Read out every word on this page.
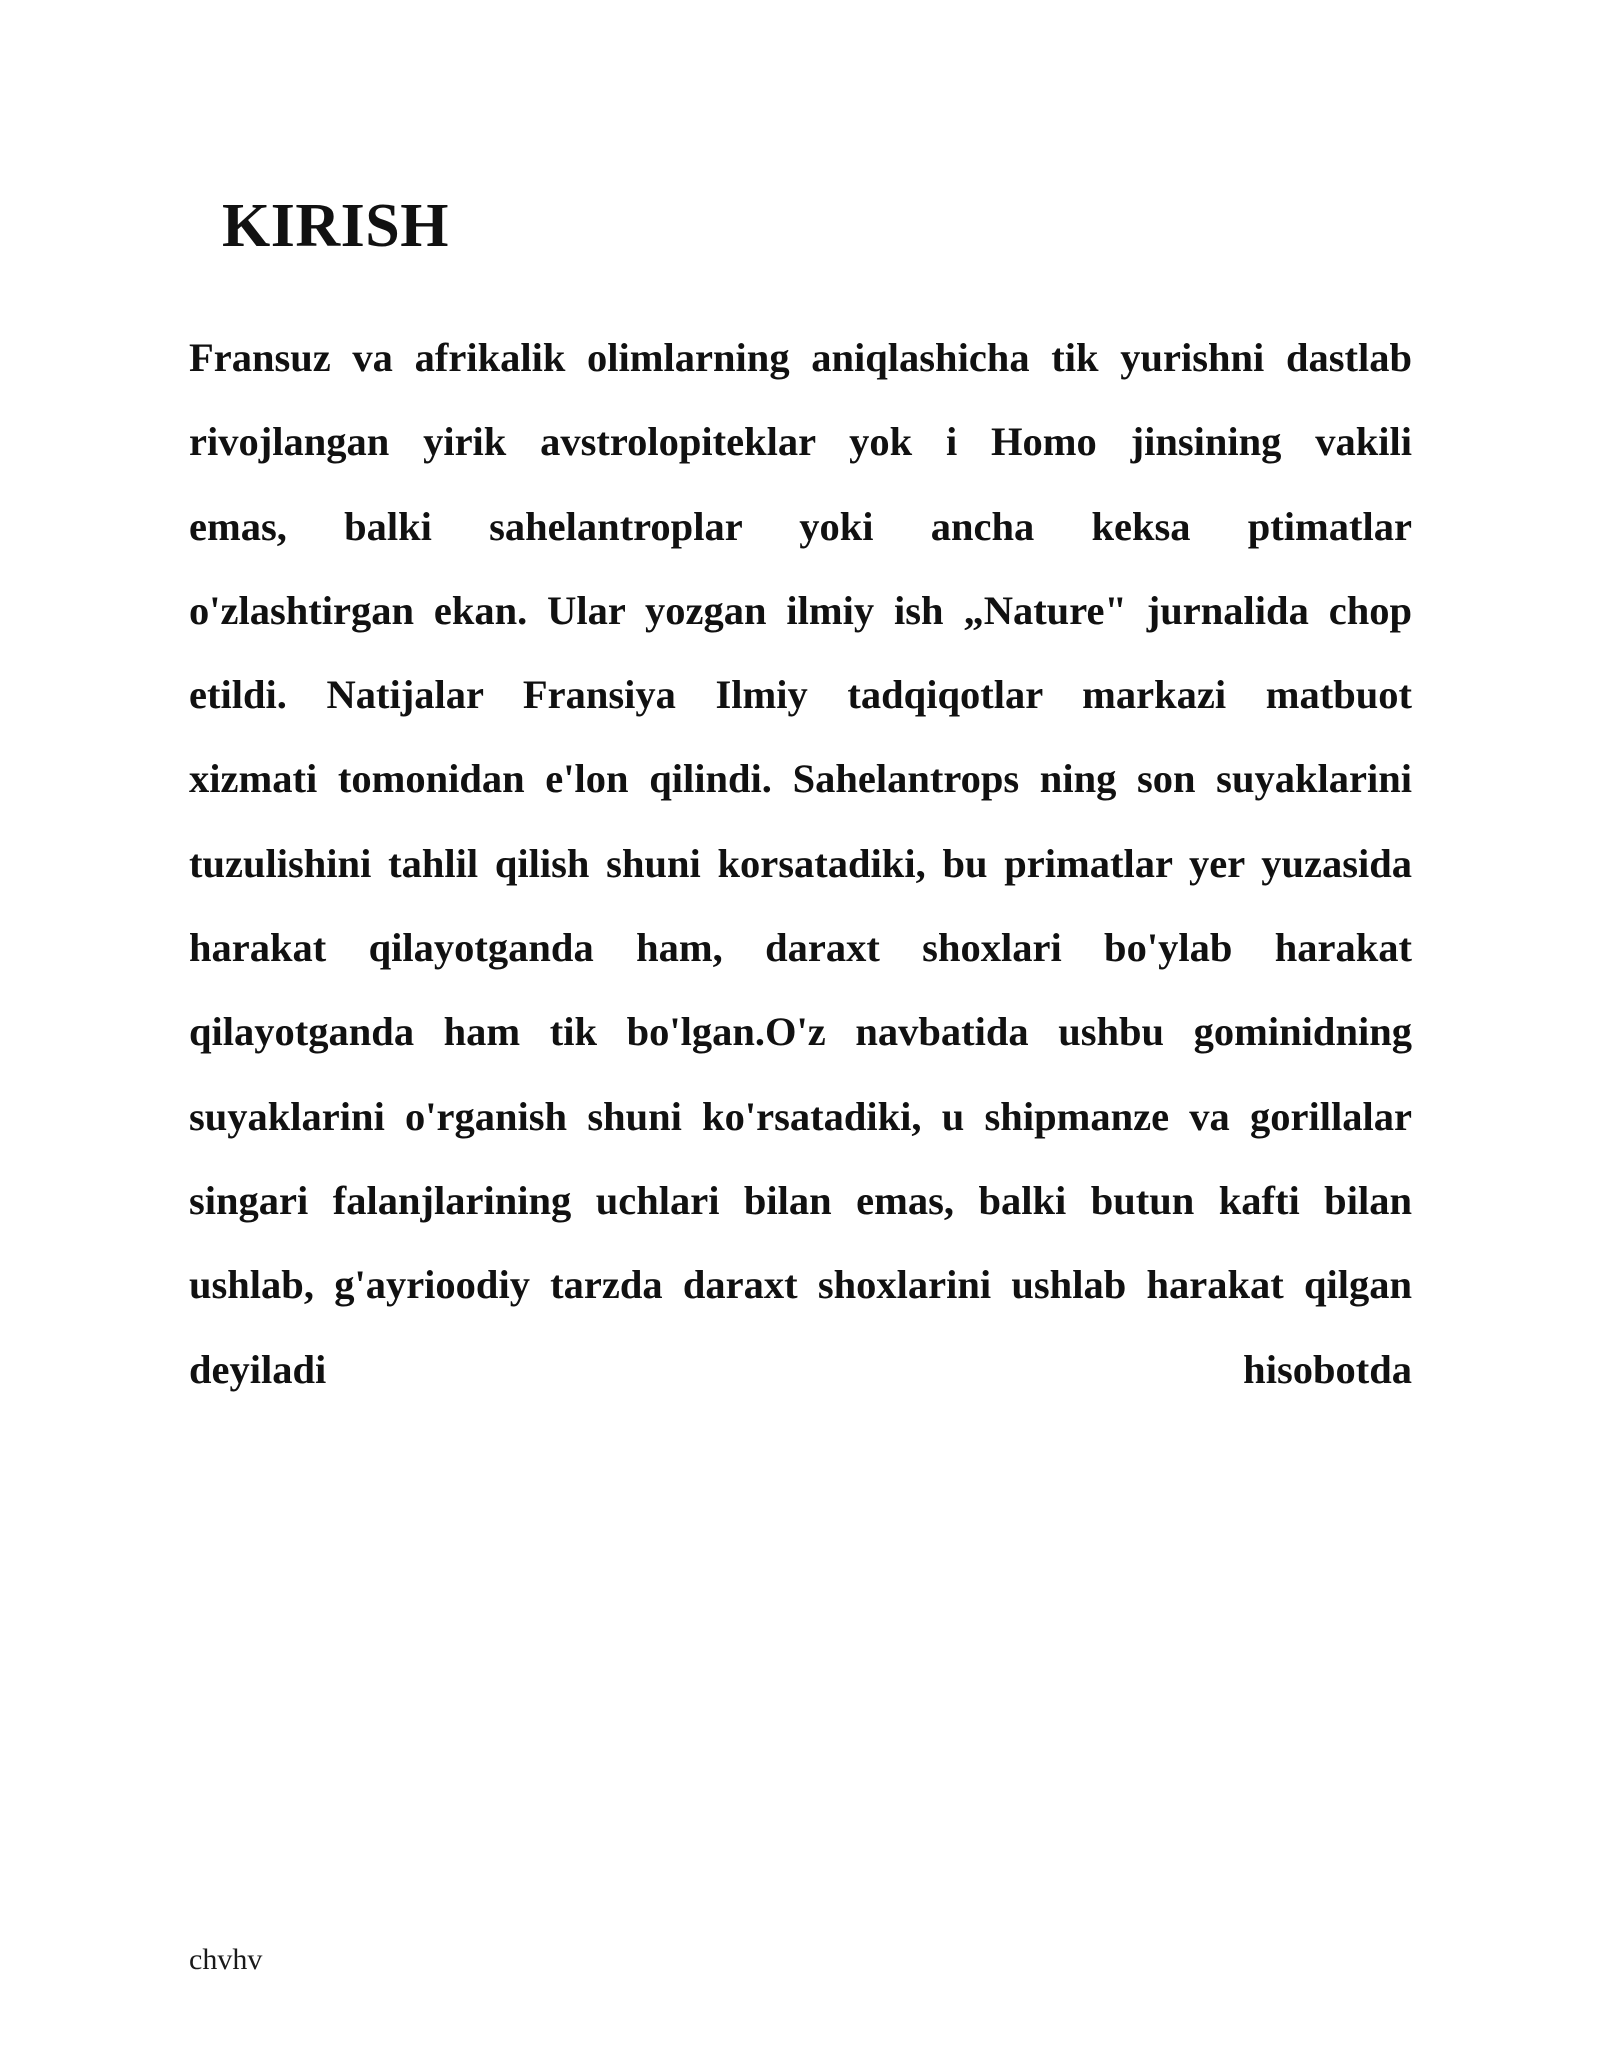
KIRISH
Fransuz va afrikalik olimlarning aniqlashicha tik yurishni dastlab
rivojlangan yirik avstrolopiteklar yok i Homo jinsining vakili
emas, balki sahelantroplar yoki ancha keksa ptimatlar
o'zlashtirgan ekan. Ular yozgan ilmiy ish „Nature" jurnalida chop
etildi. Natijalar Fransiya Ilmiy tadqiqotlar markazi matbuot
xizmati tomonidan e'lon qilindi. Sahelantrops ning son suyaklarini
tuzulishini tahlil qilish shuni korsatadiki, bu primatlar yer yuzasida
harakat qilayotganda ham, daraxt shoxlari bo'ylab harakat
qilayotganda ham tik bo'lgan.O'z navbatida ushbu gominidning
suyaklarini o'rganish shuni ko'rsatadiki, u shipmanze va gorillalar
singari falanjlarining uchlari bilan emas, balki butun kafti bilan
ushlab, g'ayrioodiy tarzda daraxt shoxlarini ushlab harakat qilgan
deyiladi hisobotda
chvhv
